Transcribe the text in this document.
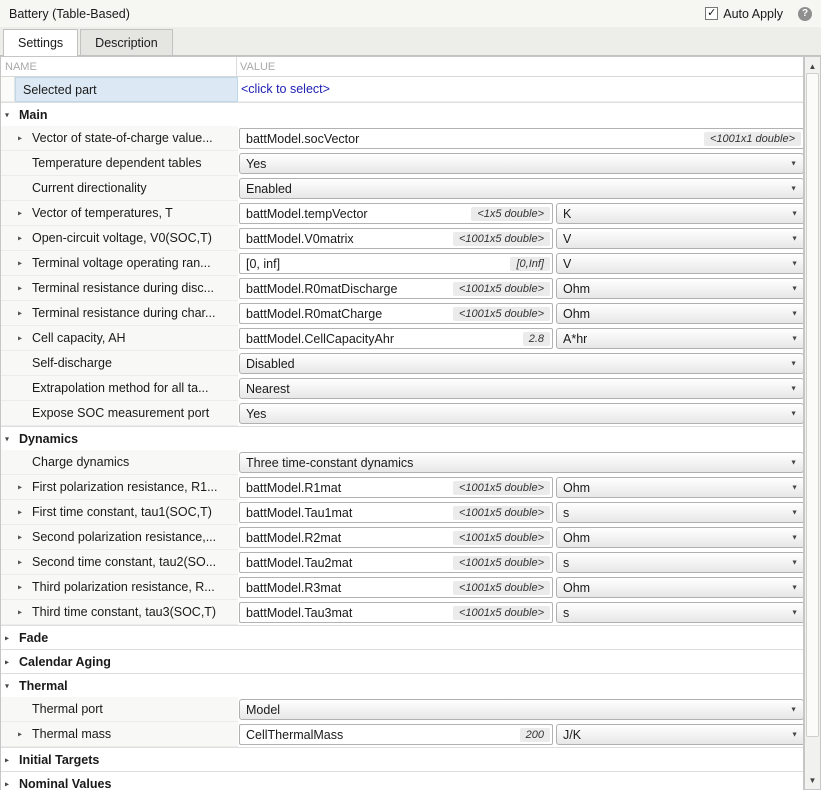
Battery (Table-Based)	✓ Auto Apply	?
Settings	Description
NAME	VALUE
Selected part	<click to select>
▾ Main
▸ Vector of state-of-charge value...	battModel.socVector	<1001x1 double>
Temperature dependent tables	Yes	▼
Current directionality	Enabled	▼
▸ Vector of temperatures, T	battModel.tempVector	<1x5 double>	K	▼
▸ Open-circuit voltage, V0(SOC,T)	battModel.V0matrix	<1001x5 double>	V	▼
▸ Terminal voltage operating ran...	[0, inf]	[0,Inf]	V	▼
▸ Terminal resistance during disc...	battModel.R0matDischarge	<1001x5 double>	Ohm	▼
▸ Terminal resistance during char...	battModel.R0matCharge	<1001x5 double>	Ohm	▼
▸ Cell capacity, AH	battModel.CellCapacityAhr	2.8	A*hr	▼
Self-discharge	Disabled	▼
Extrapolation method for all ta...	Nearest	▼
Expose SOC measurement port	Yes	▼
▾ Dynamics
Charge dynamics	Three time-constant dynamics	▼
▸ First polarization resistance, R1...	battModel.R1mat	<1001x5 double>	Ohm	▼
▸ First time constant, tau1(SOC,T)	battModel.Tau1mat	<1001x5 double>	s	▼
▸ Second polarization resistance,...	battModel.R2mat	<1001x5 double>	Ohm	▼
▸ Second time constant, tau2(SO...	battModel.Tau2mat	<1001x5 double>	s	▼
▸ Third polarization resistance, R...	battModel.R3mat	<1001x5 double>	Ohm	▼
▸ Third time constant, tau3(SOC,T)	battModel.Tau3mat	<1001x5 double>	s	▼
▸ Fade
▸ Calendar Aging
▾ Thermal
Thermal port	Model	▼
▸ Thermal mass	CellThermalMass	200	J/K	▼
▸ Initial Targets
▸ Nominal Values
▲
▼
